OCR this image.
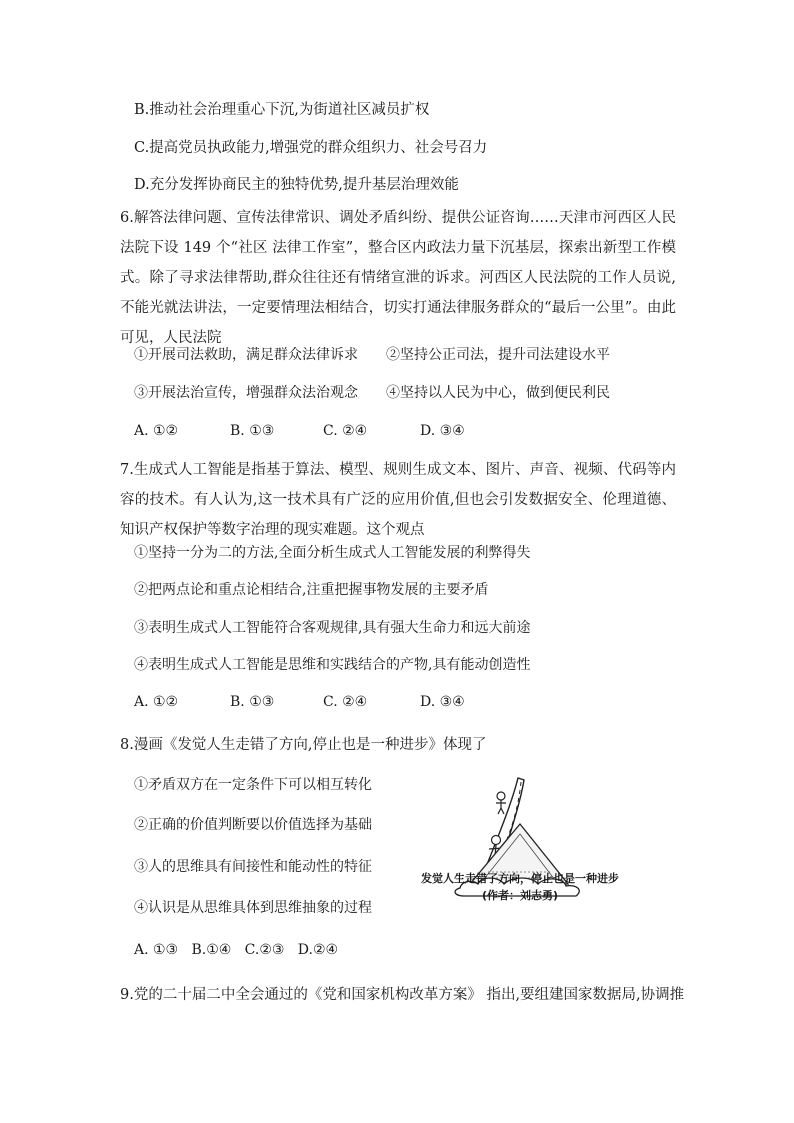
B.推动社会治理重心下沉,为街道社区减员扩权
C.提高党员执政能力,增强党的群众组织力、社会号召力
D.充分发挥协商民主的独特优势,提升基层治理效能
6.解答法律问题、宣传法律常识、调处矛盾纠纷、提供公证咨询……天津市河西区人民法院下设 149 个“社区 法律工作室”，整合区内政法力量下沉基层，探索出新型工作模式。除了寻求法律帮助,群众往往还有情绪宣泄的诉求。河西区人民法院的工作人员说,不能光就法讲法，一定要情理法相结合，切实打通法律服务群众的“最后一公里”。由此可见，人民法院
①开展司法救助，满足群众法律诉求 ②坚持公正司法，提升司法建设水平
③开展法治宣传，增强群众法治观念 ④坚持以人民为中心，做到便民利民
A. ①②	B. ①③	C. ②④	D. ③④
7.生成式人工智能是指基于算法、模型、规则生成文本、图片、声音、视频、代码等内容的技术。有人认为,这一技术具有广泛的应用价值,但也会引发数据安全、伦理道德、知识产权保护等数字治理的现实难题。这个观点
①坚持一分为二的方法,全面分析生成式人工智能发展的利弊得失
②把两点论和重点论相结合,注重把握事物发展的主要矛盾
③表明生成式人工智能符合客观规律,具有强大生命力和远大前途
④表明生成式人工智能是思维和实践结合的产物,具有能动创造性
A. ①②	B. ①③	C. ②④	D. ③④
8.漫画《发觉人生走错了方向,停止也是一种进步》体现了
①矛盾双方在一定条件下可以相互转化
②正确的价值判断要以价值选择为基础
③人的思维具有间接性和能动性的特征
④认识是从思维具体到思维抽象的过程
A. ①③   B.①④   C.②③   D.②④
发觉人生走错了方向，停止也是一种进步
(作者：刘志勇)
9.党的二十届二中全会通过的《党和国家机构改革方案》 指出,要组建国家数据局,协调推
